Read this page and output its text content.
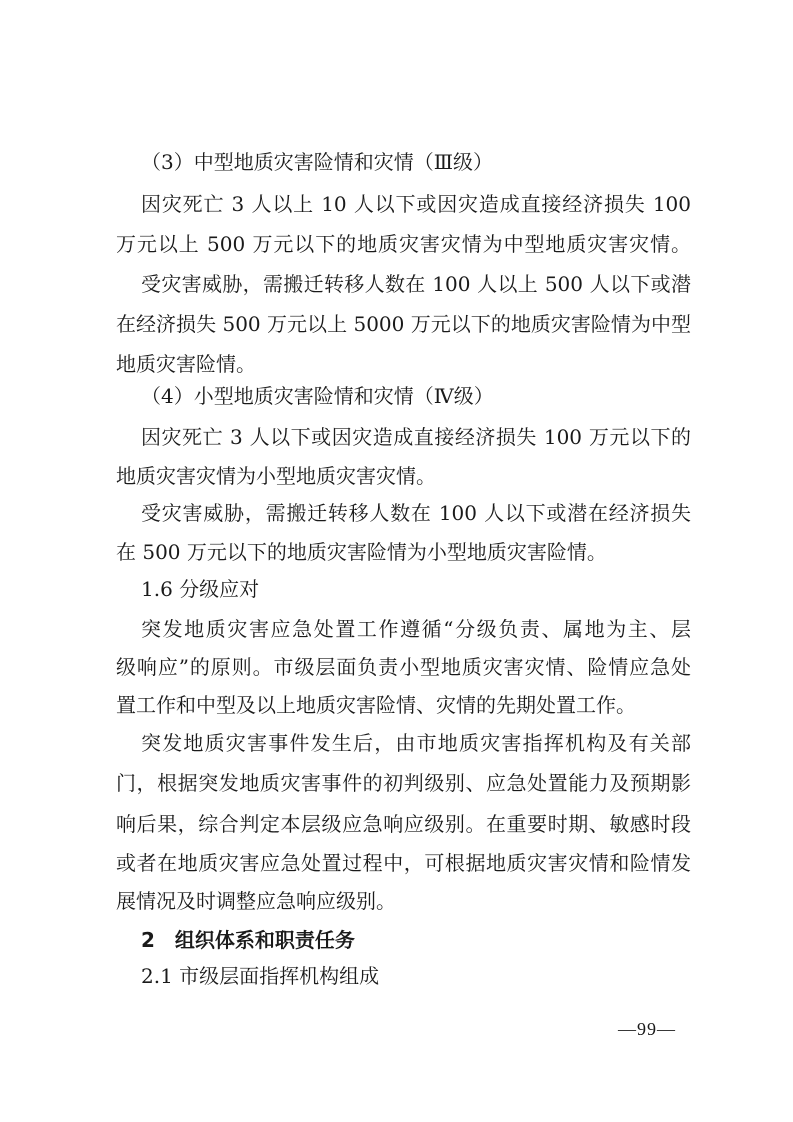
（3）中型地质灾害险情和灾情（Ⅲ级）
因灾死亡 3 人以上 10 人以下或因灾造成直接经济损失 100
万元以上 500 万元以下的地质灾害灾情为中型地质灾害灾情。
受灾害威胁，需搬迁转移人数在 100 人以上 500 人以下或潜
在经济损失 500 万元以上 5000 万元以下的地质灾害险情为中型
地质灾害险情。
（4）小型地质灾害险情和灾情（Ⅳ级）
因灾死亡 3 人以下或因灾造成直接经济损失 100 万元以下的
地质灾害灾情为小型地质灾害灾情。
受灾害威胁，需搬迁转移人数在 100 人以下或潜在经济损失
在 500 万元以下的地质灾害险情为小型地质灾害险情。
1.6 分级应对
突发地质灾害应急处置工作遵循“分级负责、属地为主、层
级响应”的原则。市级层面负责小型地质灾害灾情、险情应急处
置工作和中型及以上地质灾害险情、灾情的先期处置工作。
突发地质灾害事件发生后，由市地质灾害指挥机构及有关部
门，根据突发地质灾害事件的初判级别、应急处置能力及预期影
响后果，综合判定本层级应急响应级别。在重要时期、敏感时段
或者在地质灾害应急处置过程中，可根据地质灾害灾情和险情发
展情况及时调整应急响应级别。
2　组织体系和职责任务
2.1 市级层面指挥机构组成
—99—
